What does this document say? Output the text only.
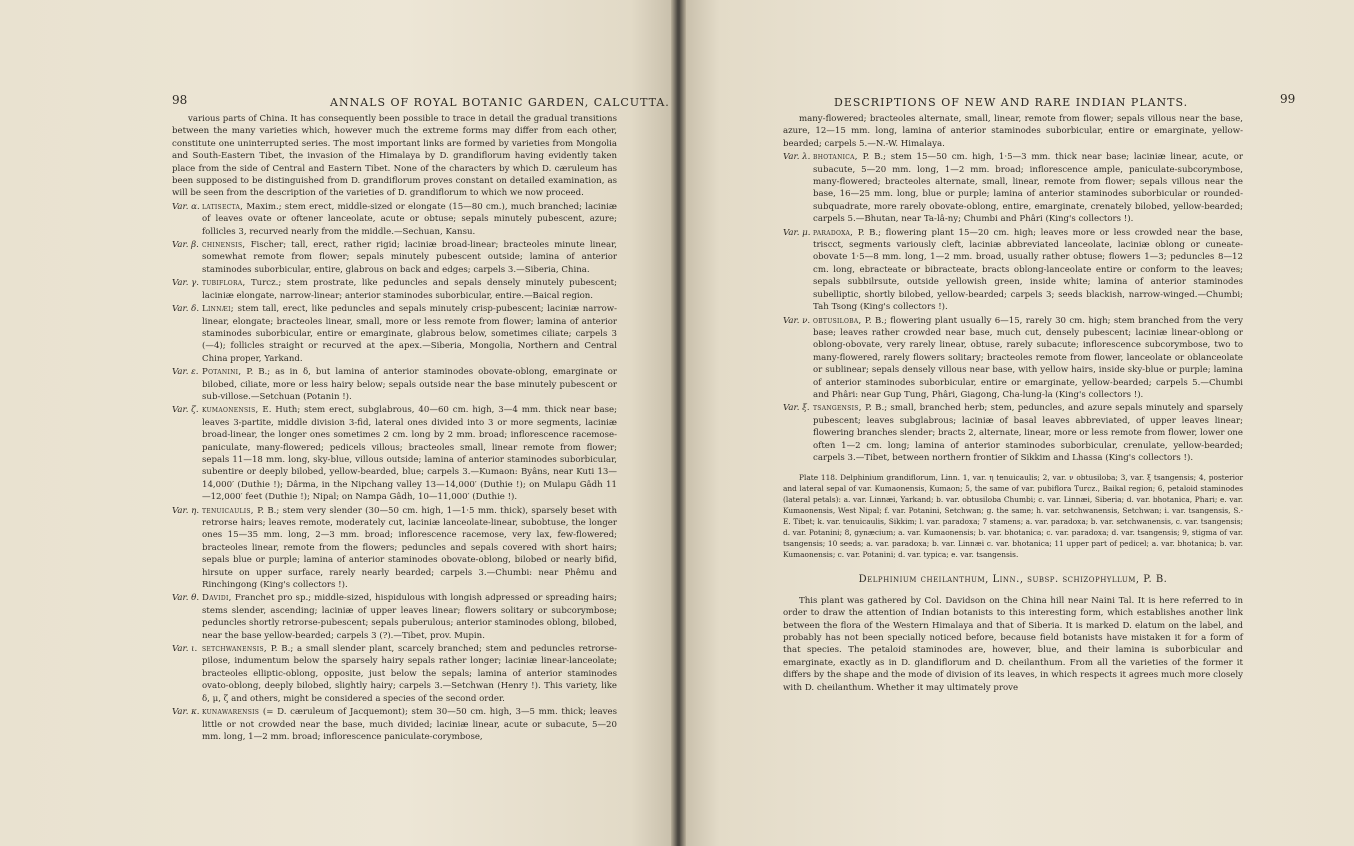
98	ANNALS OF ROYAL BOTANIC GARDEN, CALCUTTA.

various parts of China. It has consequently been possible to trace in detail the gradual transitions between the many varieties which, however much the extreme forms may differ from each other, constitute one uninterrupted series. The most important links are formed by varieties from Mongolia and South-Eastern Tibet, the invasion of the Himalaya by D. grandiflorum having evidently taken place from the side of Central and Eastern Tibet. None of the characters by which D. cæruleum has been supposed to be distinguished from D. grandiflorum proves constant on detailed examination, as will be seen from the description of the varieties of D. grandiflorum to which we now proceed.

Var. α. latisecta, Maxim.; stem erect, middle-sized or elongate (15—80 cm.), much branched; laciniæ of leaves ovate or oftener lanceolate, acute or obtuse; sepals minutely pubescent, azure; follicles 3, recurved nearly from the middle.—Sechuan, Kansu.
Var. β. chinensis, Fischer; tall, erect, rather rigid; laciniæ broad-linear; bracteoles minute linear, somewhat remote from flower; sepals minutely pubescent outside; lamina of anterior staminodes suborbicular, entire, glabrous on back and edges; carpels 3.—Siberia, China.
Var. γ. tubiflora, Turcz.; stem prostrate, like peduncles and sepals densely minutely pubescent; laciniæ elongate, narrow-linear; anterior staminodes suborbicular, entire.—Baical region.
Var. δ. Linnæi; stem tall, erect, like peduncles and sepals minutely crisp-pubescent; laciniæ narrow-linear, elongate; bracteoles linear, small, more or less remote from flower; lamina of anterior staminodes suborbicular, entire or emarginate, glabrous below, sometimes ciliate; carpels 3 (—4); follicles straight or recurved at the apex.—Siberia, Mongolia, Northern and Central China proper, Yarkand.
Var. ε. Potanini, P. B.; as in δ, but lamina of anterior staminodes obovate-oblong, emarginate or bilobed, ciliate, more or less hairy below; sepals outside near the base minutely pubescent or sub-villose.—Setchuan (Potanin !).
Var. ζ. kumaonensis, E. Huth; stem erect, subglabrous, 40—60 cm. high, 3—4 mm. thick near base; leaves 3-partite, middle division 3-fid, lateral ones divided into 3 or more segments, laciniæ broad-linear, the longer ones sometimes 2 cm. long by 2 mm. broad; inflorescence racemose-paniculate, many-flowered; pedicels villous; bracteoles small, linear remote from flower; sepals 11—18 mm. long, sky-blue, villous outside; lamina of anterior staminodes suborbicular, subentire or deeply bilobed, yellow-bearded, blue; carpels 3.—Kumaon: Byâns, near Kuti 13—14,000′ (Duthie !); Dârma, in the Nipchang valley 13—14,000′ (Duthie !); on Mulapu Gâdh 11—12,000′ feet (Duthie !); Nipal; on Nampa Gâdh, 10—11,000′ (Duthie !).
Var. η. tenuicaulis, P. B.; stem very slender (30—50 cm. high, 1—1·5 mm. thick), sparsely beset with retrorse hairs; leaves remote, moderately cut, laciniæ lanceolate-linear, subobtuse, the longer ones 15—35 mm. long, 2—3 mm. broad; inflorescence racemose, very lax, few-flowered; bracteoles linear, remote from the flowers; peduncles and sepals covered with short hairs; sepals blue or purple; lamina of anterior staminodes obovate-oblong, bilobed or nearly bifid, hirsute on upper surface, rarely nearly bearded; carpels 3.—Chumbi: near Phêmu and Rinchingong (King's collectors !).
Var. θ. Davidi, Franchet pro sp.; middle-sized, hispidulous with longish adpressed or spreading hairs; stems slender, ascending; laciniæ of upper leaves linear; flowers solitary or subcorymbose; peduncles shortly retrorse-pubescent; sepals puberulous; anterior staminodes oblong, bilobed, near the base yellow-bearded; carpels 3 (?).—Tibet, prov. Mupin.
Var. ι. setchwanensis, P. B.; a small slender plant, scarcely branched; stem and peduncles retrorse-pilose, indumentum below the sparsely hairy sepals rather longer; laciniæ linear-lanceolate; bracteoles elliptic-oblong, opposite, just below the sepals; lamina of anterior staminodes ovato-oblong, deeply bilobed, slightly hairy; carpels 3.—Setchwan (Henry !). This variety, like δ, μ, ζ and others, might be considered a species of the second order.
Var. κ. kunawarensis (= D. cæruleum of Jacquemont); stem 30—50 cm. high, 3—5 mm. thick; leaves little or not crowded near the base, much divided; laciniæ linear, acute or subacute, 5—20 mm. long, 1—2 mm. broad; inflorescence paniculate-corymbose,
DESCRIPTIONS OF NEW AND RARE INDIAN PLANTS.	99

many-flowered; bracteoles alternate, small, linear, remote from flower; sepals villous near the base, azure, 12—15 mm. long, lamina of anterior staminodes suborbicular, entire or emarginate, yellow-bearded; carpels 5.—N.-W. Himalaya.

Var. λ. bhotanica, P. B.; stem 15—50 cm. high, 1·5—3 mm. thick near base; laciniæ linear, acute, or subacute, 5—20 mm. long, 1—2 mm. broad; inflorescence ample, paniculate-subcorymbose, many-flowered; bracteoles alternate, small, linear, remote from flower; sepals villous near the base, 16—25 mm. long, blue or purple; lamina of anterior staminodes suborbicular or rounded-subquadrate, more rarely obovate-oblong, entire, emarginate, crenately bilobed, yellow-bearded; carpels 5.—Bhutan, near Ta-lâ-ny; Chumbi and Phâri (King's collectors !).
Var. μ. paradoxa, P. B.; flowering plant 15—20 cm. high; leaves more or less crowded near the base, triscct, segments variously cleft, laciniæ abbreviated lanceolate, laciniæ oblong or cuneate-obovate 1·5—8 mm. long, 1—2 mm. broad, usually rather obtuse; flowers 1—3; peduncles 8—12 cm. long, ebracteate or bibracteate, bracts oblong-lanceolate entire or conform to the leaves; sepals subbilrsute, outside yellowish green, inside white; lamina of anterior staminodes subelliptic, shortly bilobed, yellow-bearded; carpels 3; seeds blackish, narrow-winged.—Chumbi; Tah Tsong (King's collectors !).
Var. ν. obtusiloba, P. B.; flowering plant usually 6—15, rarely 30 cm. high; stem branched from the very base; leaves rather crowded near base, much cut, densely pubescent; laciniæ linear-oblong or oblong-obovate, very rarely linear, obtuse, rarely subacute; inflorescence subcorymbose, two to many-flowered, rarely flowers solitary; bracteoles remote from flower, lanceolate or oblanceolate or sublinear; sepals densely villous near base, with yellow hairs, inside sky-blue or purple; lamina of anterior staminodes suborbicular, entire or emarginate, yellow-bearded; carpels 5.—Chumbi and Phâri: near Gup Tung, Phâri, Giagong, Cha-lung-la (King's collectors !).
Var. ξ. tsangensis, P. B.; small, branched herb; stem, peduncles, and azure sepals minutely and sparsely pubescent; leaves subglabrous; laciniæ of basal leaves abbreviated, of upper leaves linear; flowering branches slender; bracts 2, alternate, linear, more or less remote from flower, lower one often 1—2 cm. long; lamina of anterior staminodes suborbicular, crenulate, yellow-bearded; carpels 3.—Tibet, between northern frontier of Sikkim and Lhassa (King's collectors !).

Plate 118. Delphinium grandiflorum, Linn. 1, var. η tenuicaulis; 2, var. ν obtusiloba; 3, var. ξ tsangensis; 4, posterior and lateral sepal of var. Kumaonensis, Kumaon; 5, the same of var. pubiflora Turcz., Baikal region; 6, petaloid staminodes (lateral petals): a. var. Linnæi, Yarkand; b. var. obtusiloba Chumbi; c. var. Linnæi, Siberia; d. var. bhotanica, Phari; e. var. Kumaonensis, West Nipal; f. var. Potanini, Setchwan; g. the same; h. var. setchwanensis, Setchwan; i. var. tsangensis, S.-E. Tibet; k. var. tenuicaulis, Sikkim; l. var. paradoxa; 7 stamens; a. var. paradoxa; b. var. setchwanensis, c. var. tsangensis; d. var. Potanini; 8, gynæcium; a. var. Kumaonensis; b. var. bhotanica; c. var. paradoxa; d. var. tsangensis; 9, stigma of var. tsangensis; 10 seeds; a. var. paradoxa; b. var. Linnæi c. var. bhotanica; 11 upper part of pedicel; a. var. bhotanica; b. var. Kumaonensis; c. var. Potanini; d. var. typica; e. var. tsangensis.

Delphinium cheilanthum, Linn., subsp. schizophyllum, P. B.

This plant was gathered by Col. Davidson on the China hill near Naini Tal. It is here referred to in order to draw the attention of Indian botanists to this interesting form, which establishes another link between the flora of the Western Himalaya and that of Siberia. It is marked D. elatum on the label, and probably has not been specially noticed before, because field botanists have mistaken it for a form of that species. The petaloid staminodes are, however, blue, and their lamina is suborbicular and emarginate, exactly as in D. glandiflorum and D. cheilanthum. From all the varieties of the former it differs by the shape and the mode of division of its leaves, in which respects it agrees much more closely with D. cheilanthum. Whether it may ultimately prove
